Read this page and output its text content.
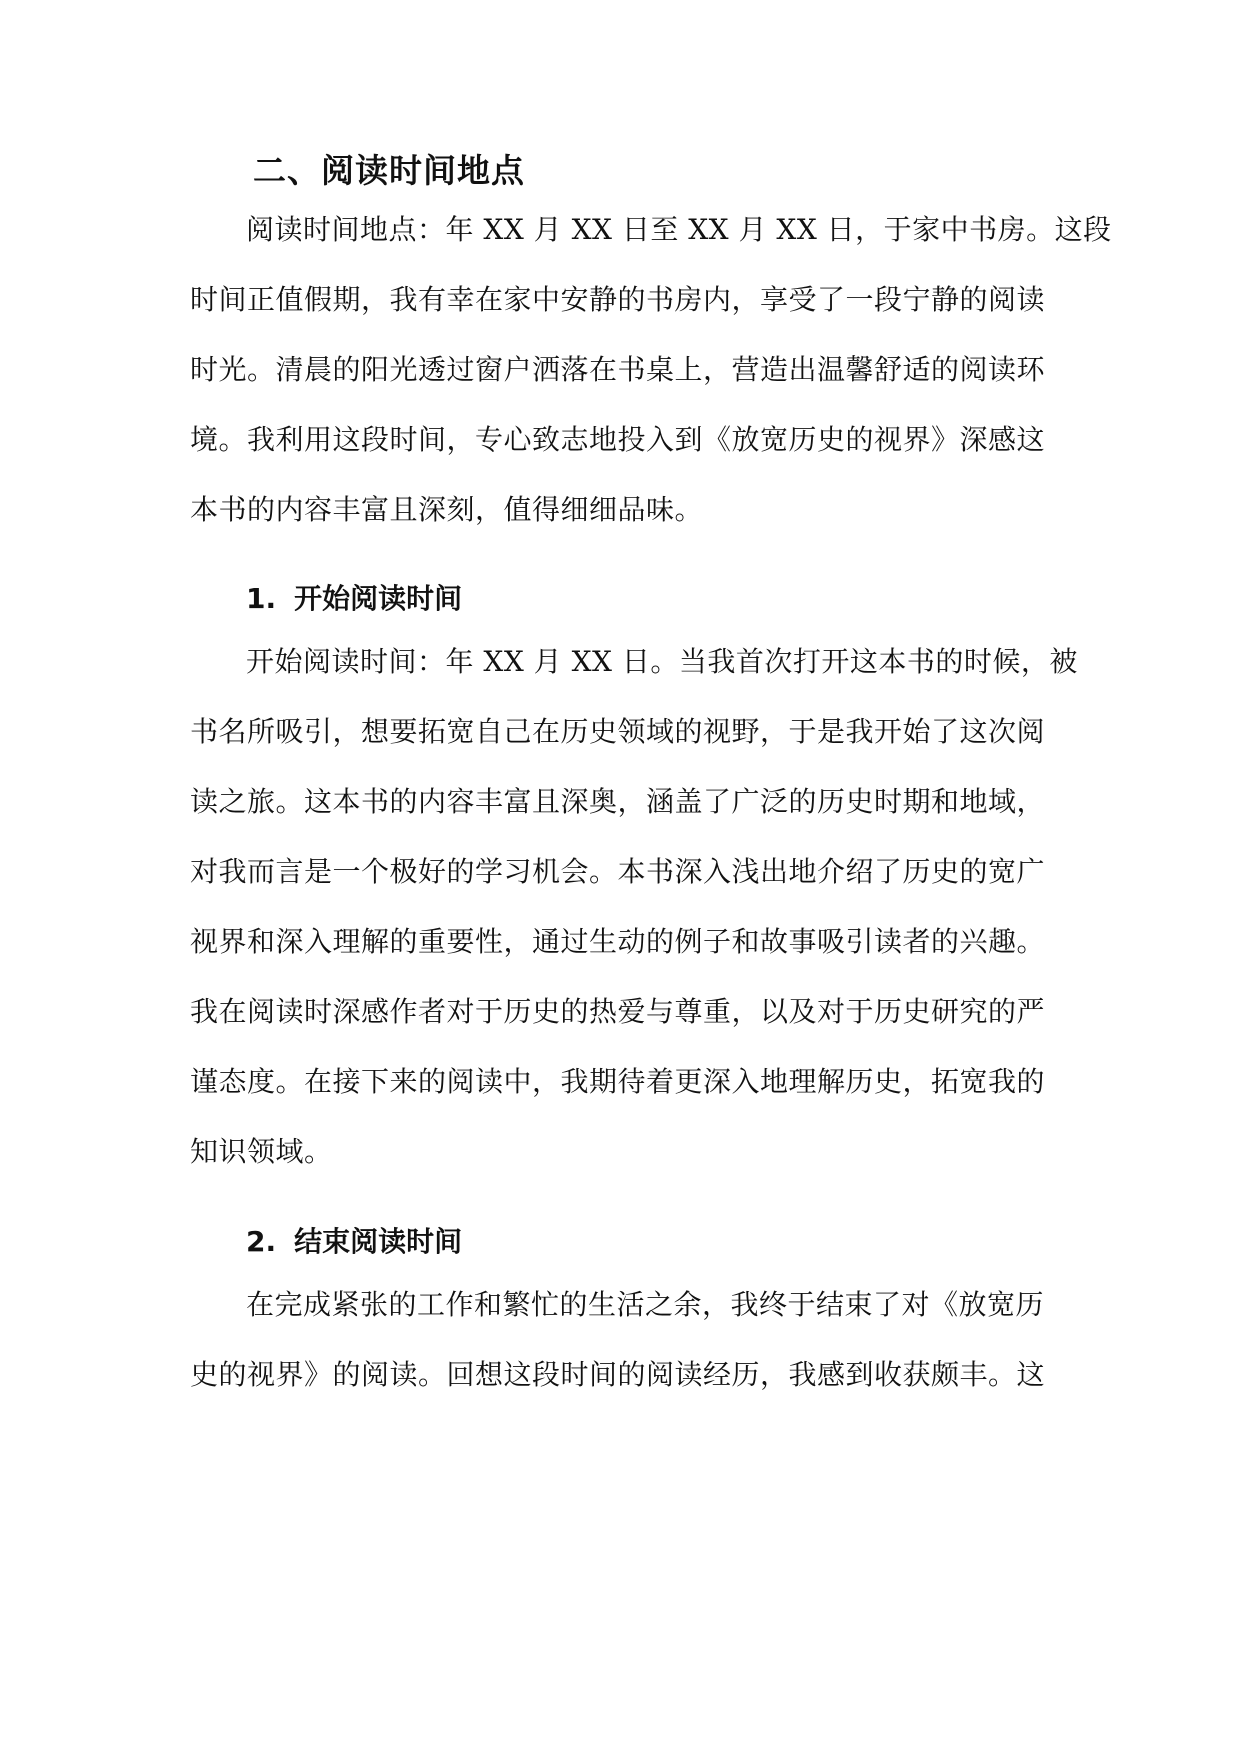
二、阅读时间地点
阅读时间地点：年 XX 月 XX 日至 XX 月 XX 日，于家中书房。这段
时间正值假期，我有幸在家中安静的书房内，享受了一段宁静的阅读
时光。清晨的阳光透过窗户洒落在书桌上，营造出温馨舒适的阅读环
境。我利用这段时间，专心致志地投入到《放宽历史的视界》深感这
本书的内容丰富且深刻，值得细细品味。
1. 开始阅读时间
开始阅读时间：年 XX 月 XX 日。当我首次打开这本书的时候，被
书名所吸引，想要拓宽自己在历史领域的视野，于是我开始了这次阅
读之旅。这本书的内容丰富且深奥，涵盖了广泛的历史时期和地域，
对我而言是一个极好的学习机会。本书深入浅出地介绍了历史的宽广
视界和深入理解的重要性，通过生动的例子和故事吸引读者的兴趣。
我在阅读时深感作者对于历史的热爱与尊重，以及对于历史研究的严
谨态度。在接下来的阅读中，我期待着更深入地理解历史，拓宽我的
知识领域。
2. 结束阅读时间
在完成紧张的工作和繁忙的生活之余，我终于结束了对《放宽历
史的视界》的阅读。回想这段时间的阅读经历，我感到收获颇丰。这
